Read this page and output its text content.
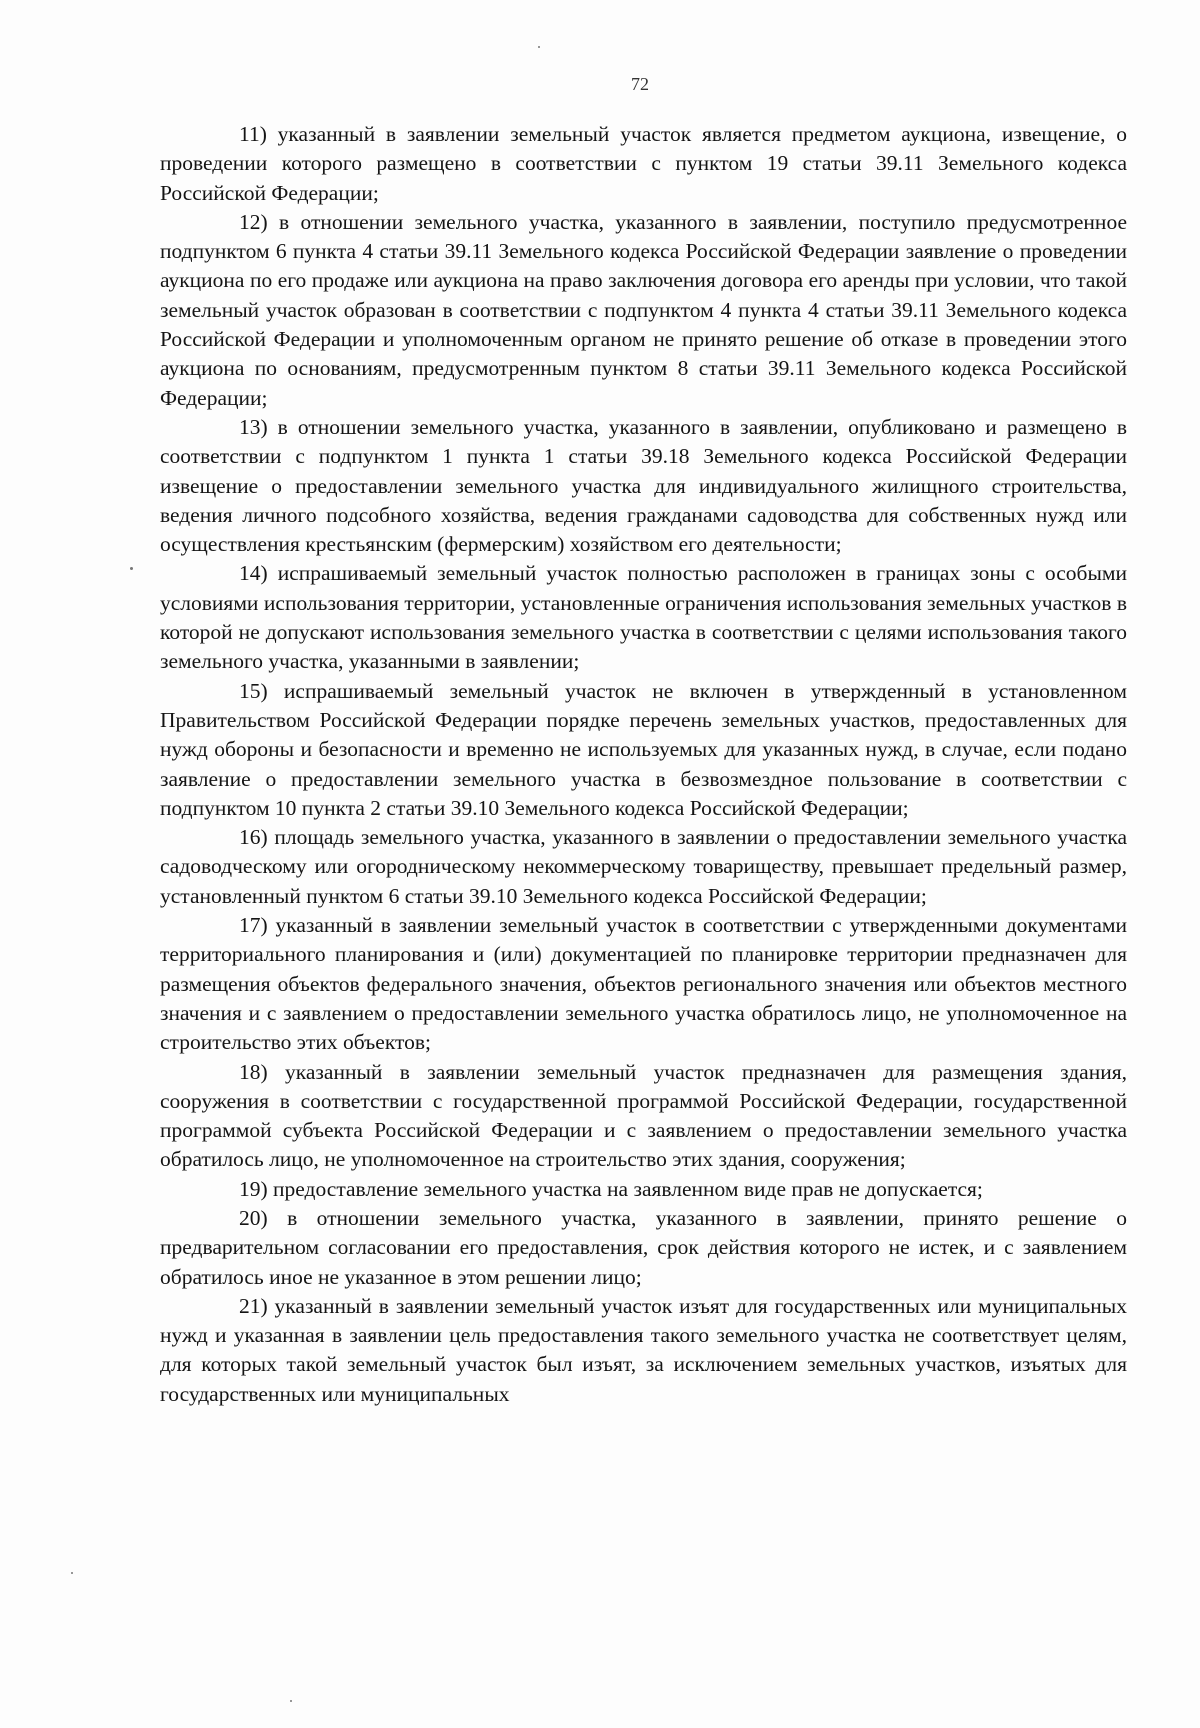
72

11) указанный в заявлении земельный участок является предметом аукциона, извещение, о проведении которого размещено в соответствии с пунктом 19 статьи 39.11 Земельного кодекса Российской Федерации;

12) в отношении земельного участка, указанного в заявлении, поступило предусмотренное подпунктом 6 пункта 4 статьи 39.11 Земельного кодекса Российской Федерации заявление о проведении аукциона по его продаже или аукциона на право заключения договора его аренды при условии, что такой земельный участок образован в соответствии с подпунктом 4 пункта 4 статьи 39.11 Земельного кодекса Российской Федерации и уполномоченным органом не принято решение об отказе в проведении этого аукциона по основаниям, предусмотренным пунктом 8 статьи 39.11 Земельного кодекса Российской Федерации;

13) в отношении земельного участка, указанного в заявлении, опубликовано и размещено в соответствии с подпунктом 1 пункта 1 статьи 39.18 Земельного кодекса Российской Федерации извещение о предоставлении земельного участка для индивидуального жилищного строительства, ведения личного подсобного хозяйства, ведения гражданами садоводства для собственных нужд или осуществления крестьянским (фермерским) хозяйством его деятельности;

14) испрашиваемый земельный участок полностью расположен в границах зоны с особыми условиями использования территории, установленные ограничения использования земельных участков в которой не допускают использования земельного участка в соответствии с целями использования такого земельного участка, указанными в заявлении;

15) испрашиваемый земельный участок не включен в утвержденный в установленном Правительством Российской Федерации порядке перечень земельных участков, предоставленных для нужд обороны и безопасности и временно не используемых для указанных нужд, в случае, если подано заявление о предоставлении земельного участка в безвозмездное пользование в соответствии с подпунктом 10 пункта 2 статьи 39.10 Земельного кодекса Российской Федерации;

16) площадь земельного участка, указанного в заявлении о предоставлении земельного участка садоводческому или огородническому некоммерческому товариществу, превышает предельный размер, установленный пунктом 6 статьи 39.10 Земельного кодекса Российской Федерации;

17) указанный в заявлении земельный участок в соответствии с утвержденными документами территориального планирования и (или) документацией по планировке территории предназначен для размещения объектов федерального значения, объектов регионального значения или объектов местного значения и с заявлением о предоставлении земельного участка обратилось лицо, не уполномоченное на строительство этих объектов;

18) указанный в заявлении земельный участок предназначен для размещения здания, сооружения в соответствии с государственной программой Российской Федерации, государственной программой субъекта Российской Федерации и с заявлением о предоставлении земельного участка обратилось лицо, не уполномоченное на строительство этих здания, сооружения;

19) предоставление земельного участка на заявленном виде прав не допускается;

20) в отношении земельного участка, указанного в заявлении, принято решение о предварительном согласовании его предоставления, срок действия которого не истек, и с заявлением обратилось иное не указанное в этом решении лицо;

21) указанный в заявлении земельный участок изъят для государственных или муниципальных нужд и указанная в заявлении цель предоставления такого земельного участка не соответствует целям, для которых такой земельный участок был изъят, за исключением земельных участков, изъятых для государственных или муниципальных
